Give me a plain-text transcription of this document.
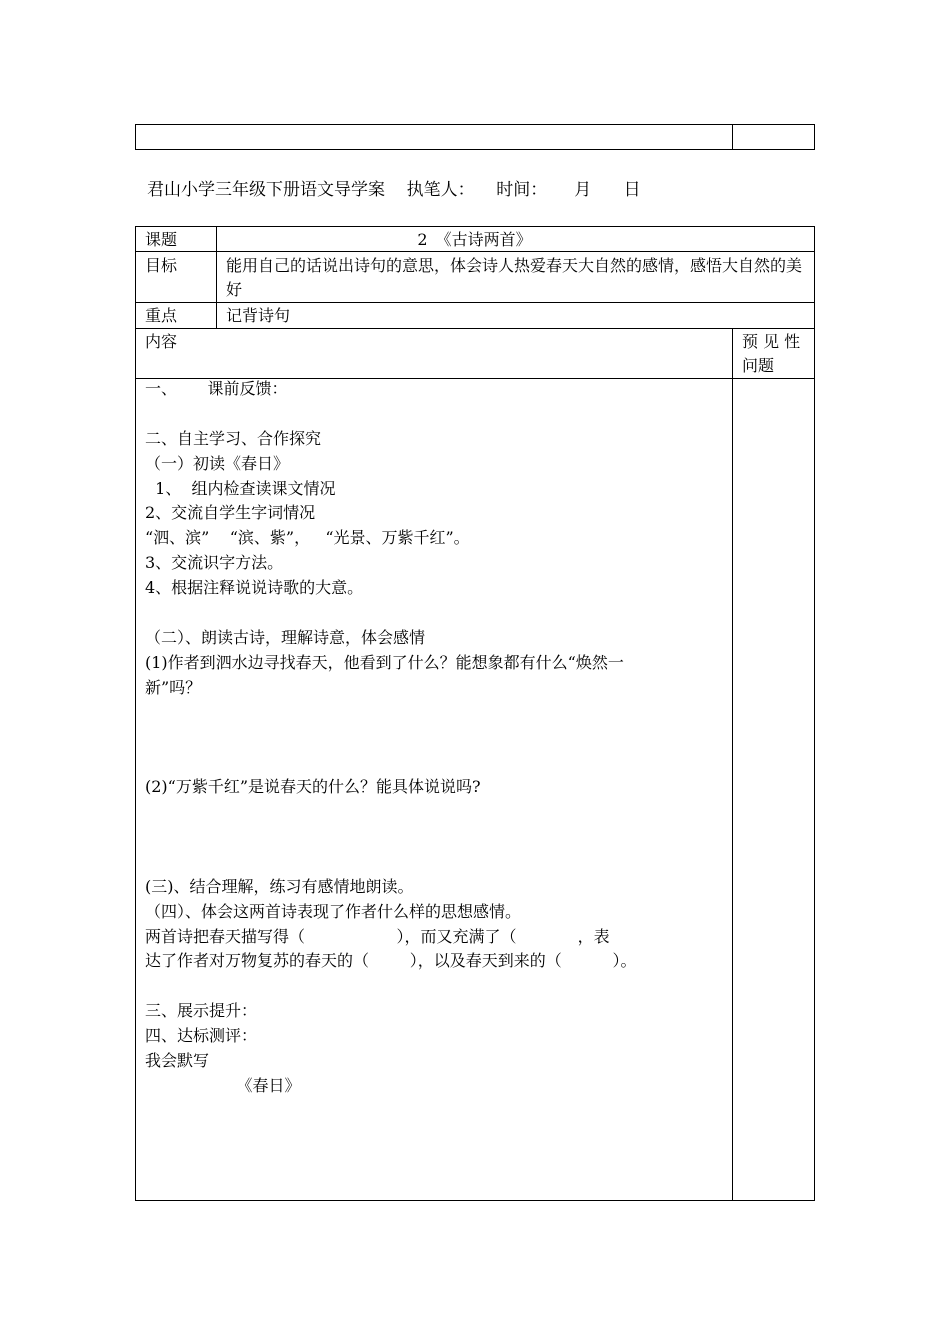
君山小学三年级下册语文导学案    执笔人：    时间：     月      日
课题	2　《古诗两首》
目标	能用自己的话说出诗句的意思，体会诗人热爱春天大自然的感情，感悟大自然的美好
重点	记背诗句
内容	预 见 性 问题
一、      课前反馈：
二、自主学习、合作探究
（一）初读《春日》
1、  组内检查读课文情况
2、交流自学生字词情况
“泗、滨”    “滨、紫”，   “光景、万紫千红”。
3、交流识字方法。
4、根据注释说说诗歌的大意。
（二）、朗读古诗，理解诗意，体会感情
(1)作者到泗水边寻找春天，他看到了什么？能想象都有什么“焕然一
新”吗？
(2)“万紫千红”是说春天的什么？能具体说说吗?
(三)、结合理解，练习有感情地朗读。
（四）、体会这两首诗表现了作者什么样的思想感情。
两首诗把春天描写得（                  ），而又充满了（            ，表
达了作者对万物复苏的春天的（        ），以及春天到来的（          ）。
三、展示提升：
四、达标测评：
我会默写
《春日》
